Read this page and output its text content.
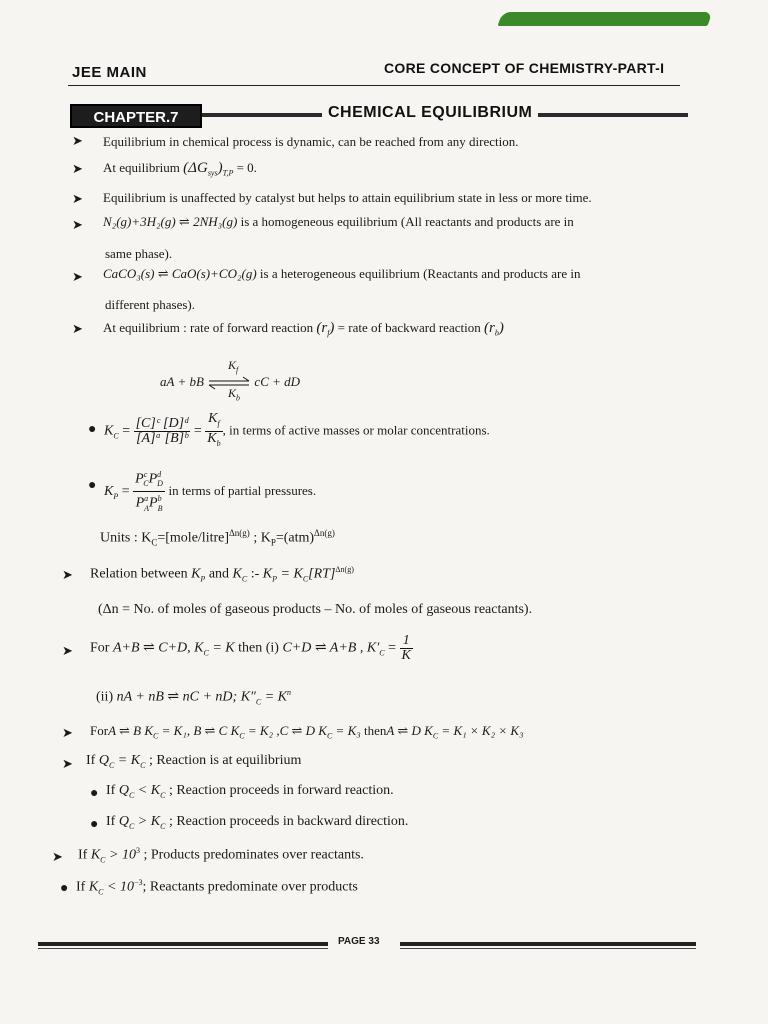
JEE MAIN	CORE CONCEPT OF CHEMISTRY-PART-I
CHAPTER.7	CHEMICAL EQUILIBRIUM
➤ Equilibrium in chemical process is dynamic, can be reached from any direction.
➤ At equilibrium $(\Delta G_{sys})_{T,P} = 0$.
➤ Equilibrium is unaffected by catalyst but helps to attain equilibrium state in less or more time.
➤ N₂(g)+3H₂(g) ⇌ 2NH₃(g) is a homogeneous equilibrium (All reactants and products are in
same phase).
➤ CaCO₃(s) ⇌ CaO(s)+CO₂(g) is a heterogeneous equilibrium (Reactants and products are in
different phases).
➤ At equilibrium : rate of forward reaction $(r_f)$ = rate of backward reaction $(r_b)$
aA + bB ⇌ cC + dD
$K_f$
$K_b$
● $K_C = \frac{\text{[C]ᶜ [D]ᵈ}}{\text{[A]ᵃ [B]ᵇ}} = \frac{K_f}{K_b}$ , in terms of active masses or molar concentrations.
● $K_P = \frac{P^c_CP^d_D}{P^a_AP^b_B}$ in terms of partial pressures.
Units : $K_C=[mole/litre]^{\Delta n(g)}$ ; $K_P=(atm)^{\Delta n(g)}$
➤ Relation between $K_P$ and $K_C$ :- $K_P = K_C[RT]^{\Delta n(g)}$
(Δn = No. of moles of gaseous products – No. of moles of gaseous reactants).
➤ For A+B ⇌ C+D, $K_C = K$ then (i) C+D ⇌ A+B , $K'_C = \frac{1}{K}$
(ii) nA + nB ⇌ nC + nD; $K''_C = K^n$
➤ ForA ⇌ B $K_C = K_1$, B ⇌ C $K_C = K_2$ ,C ⇌ D $K_C = K_3$ thenA ⇌ D $K_C = K_1 \times K_2 \times K_3$
➤ If $Q_C = K_C$ ; Reaction is at equilibrium
● If $Q_C < K_C$ ; Reaction proceeds in forward reaction.
● If $Q_C > K_C$ ; Reaction proceeds in backward direction.
➤ If $K_C > 10^3$ ; Products predominates over reactants.
● If $K_C < 10^{-3}$; Reactants predominate over products
PAGE 33
